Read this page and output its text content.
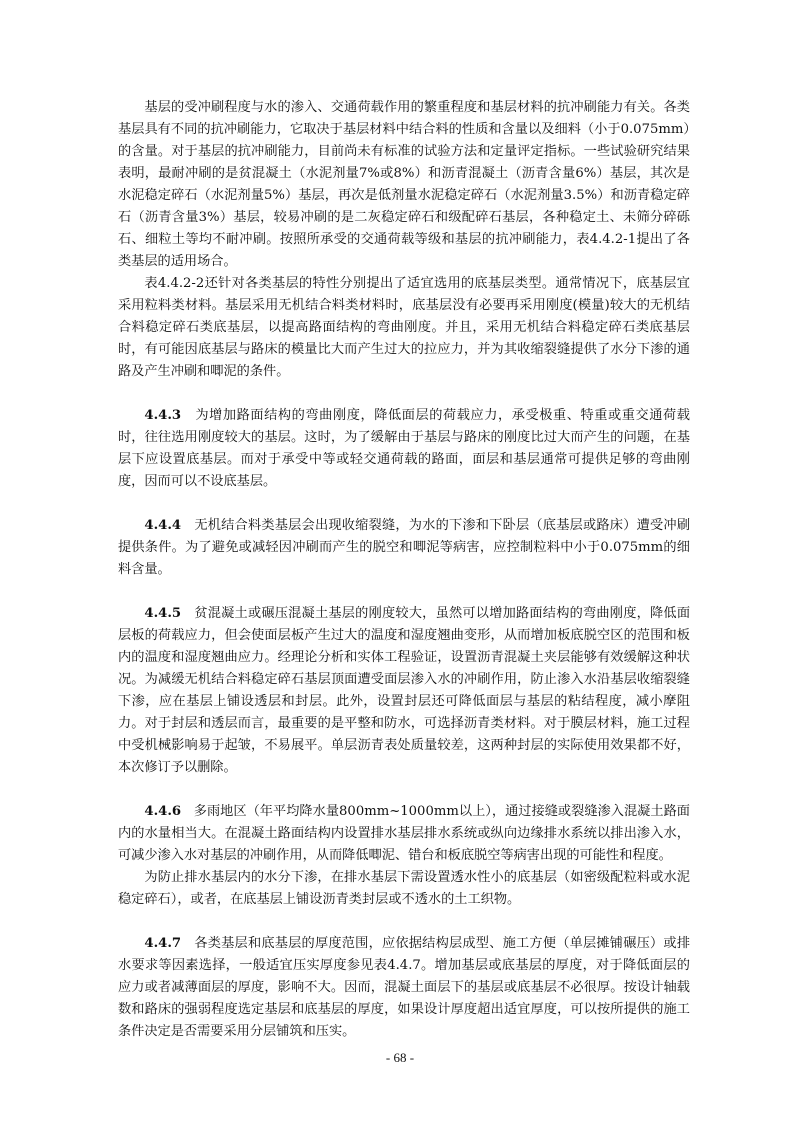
基层的受冲刷程度与水的渗入、交通荷载作用的繁重程度和基层材料的抗冲刷能力有关。各类基层具有不同的抗冲刷能力，它取决于基层材料中结合料的性质和含量以及细料（小于0.075mm）的含量。对于基层的抗冲刷能力，目前尚未有标准的试验方法和定量评定指标。一些试验研究结果表明，最耐冲刷的是贫混凝土（水泥剂量7%或8%）和沥青混凝土（沥青含量6%）基层，其次是水泥稳定碎石（水泥剂量5%）基层，再次是低剂量水泥稳定碎石（水泥剂量3.5%）和沥青稳定碎石（沥青含量3%）基层，较易冲刷的是二灰稳定碎石和级配碎石基层，各种稳定土、未筛分碎砾石、细粒土等均不耐冲刷。按照所承受的交通荷载等级和基层的抗冲刷能力，表4.4.2-1提出了各类基层的适用场合。

表4.4.2-2还针对各类基层的特性分别提出了适宜选用的底基层类型。通常情况下，底基层宜采用粒料类材料。基层采用无机结合料类材料时，底基层没有必要再采用刚度(模量)较大的无机结合料稳定碎石类底基层，以提高路面结构的弯曲刚度。并且，采用无机结合料稳定碎石类底基层时，有可能因底基层与路床的模量比大而产生过大的拉应力，并为其收缩裂缝提供了水分下渗的通路及产生冲刷和唧泥的条件。

4.4.3 为增加路面结构的弯曲刚度，降低面层的荷载应力，承受极重、特重或重交通荷载时，往往选用刚度较大的基层。这时，为了缓解由于基层与路床的刚度比过大而产生的问题，在基层下应设置底基层。而对于承受中等或轻交通荷载的路面，面层和基层通常可提供足够的弯曲刚度，因而可以不设底基层。

4.4.4 无机结合料类基层会出现收缩裂缝，为水的下渗和下卧层（底基层或路床）遭受冲刷提供条件。为了避免或减轻因冲刷而产生的脱空和唧泥等病害，应控制粒料中小于0.075mm的细料含量。

4.4.5 贫混凝土或碾压混凝土基层的刚度较大，虽然可以增加路面结构的弯曲刚度，降低面层板的荷载应力，但会使面层板产生过大的温度和湿度翘曲变形，从而增加板底脱空区的范围和板内的温度和湿度翘曲应力。经理论分析和实体工程验证，设置沥青混凝土夹层能够有效缓解这种状况。为减缓无机结合料稳定碎石基层顶面遭受面层渗入水的冲刷作用，防止渗入水沿基层收缩裂缝下渗，应在基层上铺设透层和封层。此外，设置封层还可降低面层与基层的粘结程度，减小摩阻力。对于封层和透层而言，最重要的是平整和防水，可选择沥青类材料。对于膜层材料，施工过程中受机械影响易于起皱，不易展平。单层沥青表处质量较差，这两种封层的实际使用效果都不好，本次修订予以删除。

4.4.6 多雨地区（年平均降水量800mm~1000mm以上），通过接缝或裂缝渗入混凝土路面内的水量相当大。在混凝土路面结构内设置排水基层排水系统或纵向边缘排水系统以排出渗入水，可减少渗入水对基层的冲刷作用，从而降低唧泥、错台和板底脱空等病害出现的可能性和程度。

为防止排水基层内的水分下渗，在排水基层下需设置透水性小的底基层（如密级配粒料或水泥稳定碎石），或者，在底基层上铺设沥青类封层或不透水的土工织物。

4.4.7 各类基层和底基层的厚度范围，应依据结构层成型、施工方便（单层摊铺碾压）或排水要求等因素选择，一般适宜压实厚度参见表4.4.7。增加基层或底基层的厚度，对于降低面层的应力或者减薄面层的厚度，影响不大。因而，混凝土面层下的基层或底基层不必很厚。按设计轴载数和路床的强弱程度选定基层和底基层的厚度，如果设计厚度超出适宜厚度，可以按所提供的施工条件决定是否需要采用分层铺筑和压实。

- 68 -
